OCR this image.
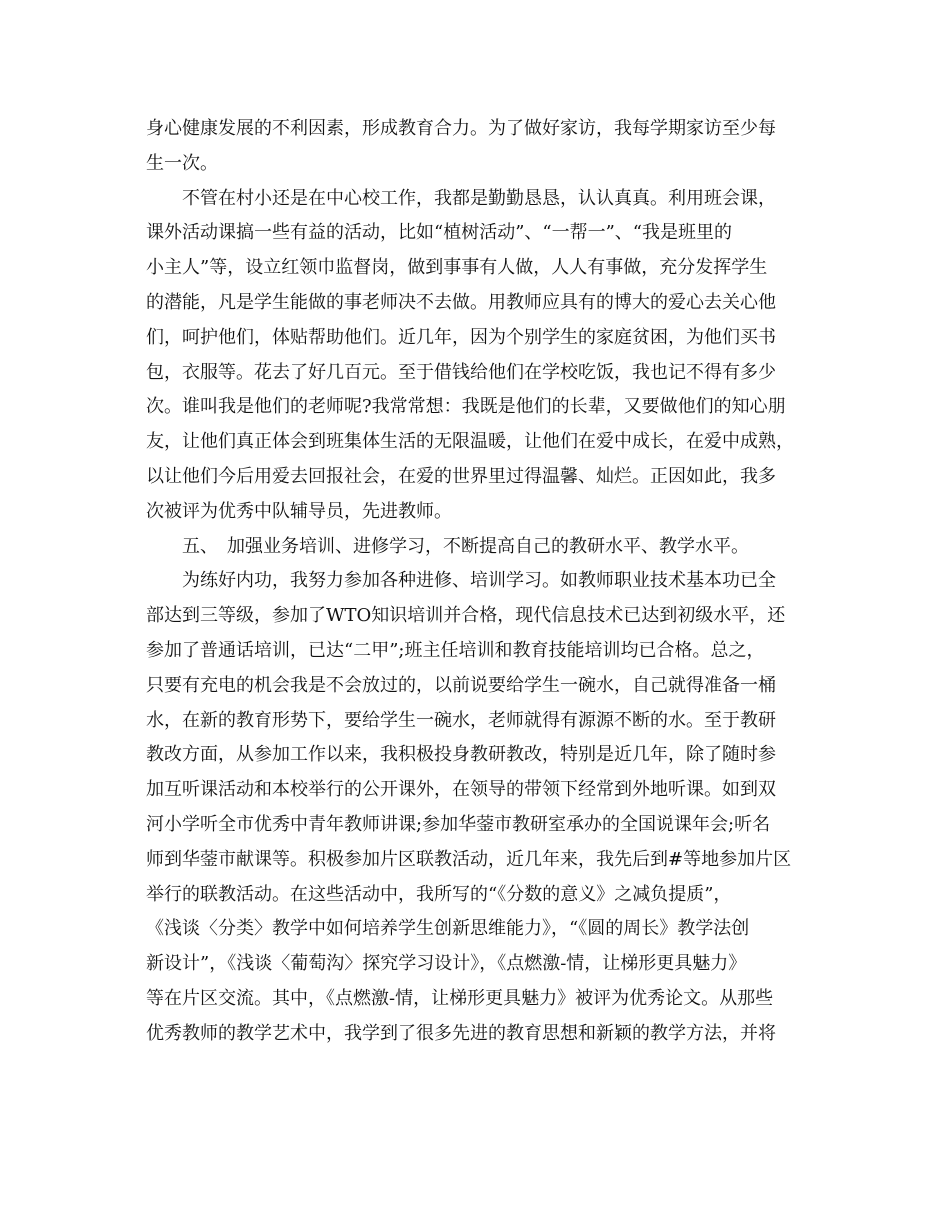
身心健康发展的不利因素，形成教育合力。为了做好家访，我每学期家访至少每
生一次。
不管在村小还是在中心校工作，我都是勤勤恳恳，认认真真。利用班会课，
课外活动课搞一些有益的活动，比如“植树活动”、“一帮一”、“我是班里的
小主人”等，设立红领巾监督岗，做到事事有人做，人人有事做，充分发挥学生
的潜能，凡是学生能做的事老师决不去做。用教师应具有的博大的爱心去关心他
们，呵护他们，体贴帮助他们。近几年，因为个别学生的家庭贫困，为他们买书
包，衣服等。花去了好几百元。至于借钱给他们在学校吃饭，我也记不得有多少
次。谁叫我是他们的老师呢?我常常想：我既是他们的长辈，又要做他们的知心朋
友，让他们真正体会到班集体生活的无限温暖，让他们在爱中成长，在爱中成熟，
以让他们今后用爱去回报社会，在爱的世界里过得温馨、灿烂。正因如此，我多
次被评为优秀中队辅导员，先进教师。
五、　加强业务培训、进修学习，不断提高自己的教研水平、教学水平。
为练好内功，我努力参加各种进修、培训学习。如教师职业技术基本功已全
部达到三等级，参加了WTO知识培训并合格，现代信息技术已达到初级水平，还
参加了普通话培训，已达“二甲”;班主任培训和教育技能培训均已合格。总之，
只要有充电的机会我是不会放过的，以前说要给学生一碗水，自己就得准备一桶
水，在新的教育形势下，要给学生一碗水，老师就得有源源不断的水。至于教研
教改方面，从参加工作以来，我积极投身教研教改，特别是近几年，除了随时参
加互听课活动和本校举行的公开课外，在领导的带领下经常到外地听课。如到双
河小学听全市优秀中青年教师讲课;参加华蓥市教研室承办的全国说课年会;听名
师到华蓥市献课等。积极参加片区联教活动，近几年来，我先后到#等地参加片区
举行的联教活动。在这些活动中，我所写的“《分数的意义》之减负提质”，
《浅谈〈分类〉教学中如何培养学生创新思维能力》，“《圆的周长》教学法创
新设计”，《浅谈〈葡萄沟〉探究学习设计》，《点燃激-情，让梯形更具魅力》
等在片区交流。其中，《点燃激-情，让梯形更具魅力》被评为优秀论文。从那些
优秀教师的教学艺术中，我学到了很多先进的教育思想和新颖的教学方法，并将
